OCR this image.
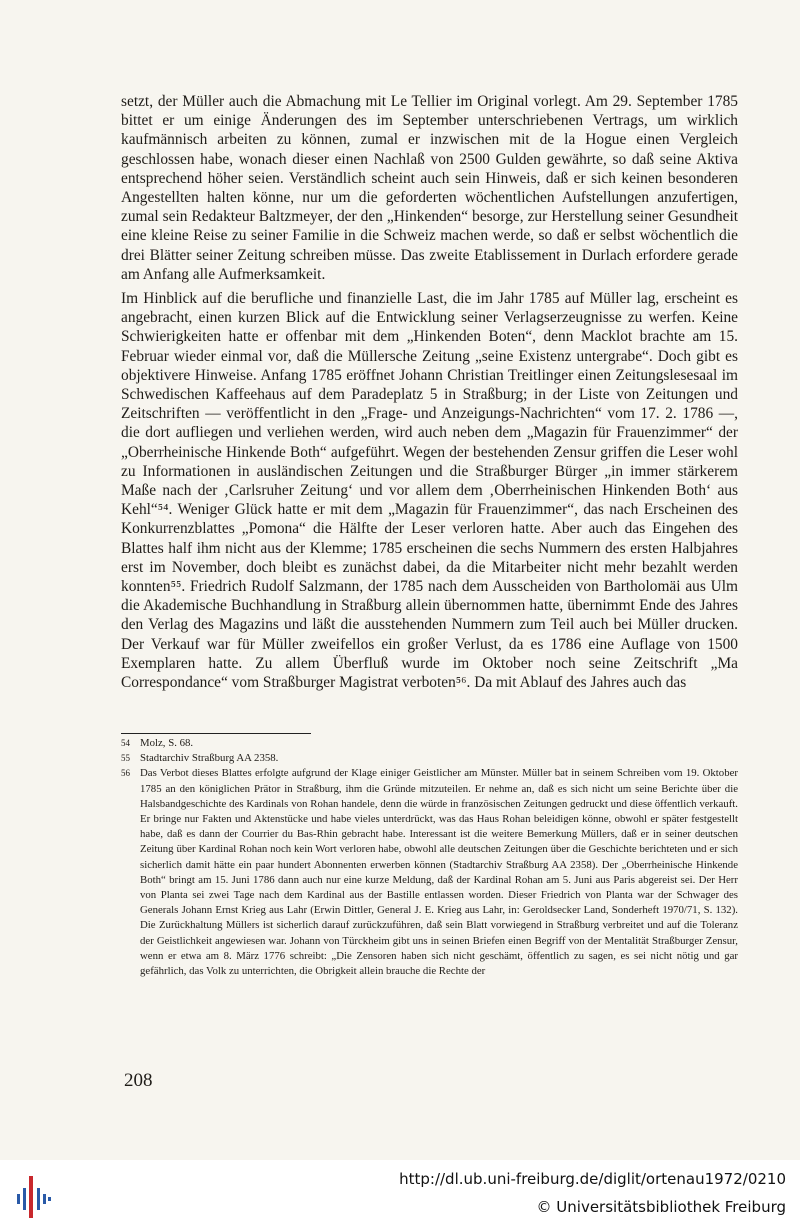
setzt, der Müller auch die Abmachung mit Le Tellier im Original vorlegt. Am 29. September 1785 bittet er um einige Änderungen des im September unterschriebenen Vertrags, um wirklich kaufmännisch arbeiten zu können, zumal er inzwischen mit de la Hogue einen Vergleich geschlossen habe, wonach dieser einen Nachlaß von 2500 Gulden gewährte, so daß seine Aktiva entsprechend höher seien. Verständlich scheint auch sein Hinweis, daß er sich keinen besonderen Angestellten halten könne, nur um die geforderten wöchentlichen Aufstellungen anzufertigen, zumal sein Redakteur Baltzmeyer, der den „Hinkenden“ besorge, zur Herstellung seiner Gesundheit eine kleine Reise zu seiner Familie in die Schweiz machen werde, so daß er selbst wöchentlich die drei Blätter seiner Zeitung schreiben müsse. Das zweite Etablissement in Durlach erfordere gerade am Anfang alle Aufmerksamkeit.

Im Hinblick auf die berufliche und finanzielle Last, die im Jahr 1785 auf Müller lag, erscheint es angebracht, einen kurzen Blick auf die Entwicklung seiner Verlagserzeugnisse zu werfen. Keine Schwierigkeiten hatte er offenbar mit dem „Hinkenden Boten“, denn Macklot brachte am 15. Februar wieder einmal vor, daß die Müllersche Zeitung „seine Existenz untergrabe“. Doch gibt es objektivere Hinweise. Anfang 1785 eröffnet Johann Christian Treitlinger einen Zeitungslesesaal im Schwedischen Kaffeehaus auf dem Paradeplatz 5 in Straßburg; in der Liste von Zeitungen und Zeitschriften — veröffentlicht in den „Frage- und Anzeigungs-Nachrichten“ vom 17. 2. 1786 —, die dort aufliegen und verliehen werden, wird auch neben dem „Magazin für Frauenzimmer“ der „Oberrheinische Hinkende Both“ aufgeführt. Wegen der bestehenden Zensur griffen die Leser wohl zu Informationen in ausländischen Zeitungen und die Straßburger Bürger „in immer stärkerem Maße nach der ‚Carlsruher Zeitung‘ und vor allem dem ‚Oberrheinischen Hinkenden Both‘ aus Kehl“⁵⁴. Weniger Glück hatte er mit dem „Magazin für Frauenzimmer“, das nach Erscheinen des Konkurrenzblattes „Pomona“ die Hälfte der Leser verloren hatte. Aber auch das Eingehen des Blattes half ihm nicht aus der Klemme; 1785 erscheinen die sechs Nummern des ersten Halbjahres erst im November, doch bleibt es zunächst dabei, da die Mitarbeiter nicht mehr bezahlt werden konnten⁵⁵. Friedrich Rudolf Salzmann, der 1785 nach dem Ausscheiden von Bartholomäi aus Ulm die Akademische Buchhandlung in Straßburg allein übernommen hatte, übernimmt Ende des Jahres den Verlag des Magazins und läßt die ausstehenden Nummern zum Teil auch bei Müller drucken. Der Verkauf war für Müller zweifellos ein großer Verlust, da es 1786 eine Auflage von 1500 Exemplaren hatte. Zu allem Überfluß wurde im Oktober noch seine Zeitschrift „Ma Correspondance“ vom Straßburger Magistrat verboten⁵⁶. Da mit Ablauf des Jahres auch das

54 Molz, S. 68.

55 Stadtarchiv Straßburg AA 2358.

56 Das Verbot dieses Blattes erfolgte aufgrund der Klage einiger Geistlicher am Münster. Müller bat in seinem Schreiben vom 19. Oktober 1785 an den königlichen Prätor in Straßburg, ihm die Gründe mitzuteilen. Er nehme an, daß es sich nicht um seine Berichte über die Halsbandgeschichte des Kardinals von Rohan handele, denn die würde in französischen Zeitungen gedruckt und diese öffentlich verkauft. Er bringe nur Fakten und Aktenstücke und habe vieles unterdrückt, was das Haus Rohan beleidigen könne, obwohl er später festgestellt habe, daß es dann der Courrier du Bas-Rhin gebracht habe. Interessant ist die weitere Bemerkung Müllers, daß er in seiner deutschen Zeitung über Kardinal Rohan noch kein Wort verloren habe, obwohl alle deutschen Zeitungen über die Geschichte berichteten und er sich sicherlich damit hätte ein paar hundert Abonnenten erwerben können (Stadtarchiv Straßburg AA 2358). Der „Oberrheinische Hinkende Both“ bringt am 15. Juni 1786 dann auch nur eine kurze Meldung, daß der Kardinal Rohan am 5. Juni aus Paris abgereist sei. Der Herr von Planta sei zwei Tage nach dem Kardinal aus der Bastille entlassen worden. Dieser Friedrich von Planta war der Schwager des Generals Johann Ernst Krieg aus Lahr (Erwin Dittler, General J. E. Krieg aus Lahr, in: Geroldsecker Land, Sonderheft 1970/71, S. 132). Die Zurückhaltung Müllers ist sicherlich darauf zurückzuführen, daß sein Blatt vorwiegend in Straßburg verbreitet und auf die Toleranz der Geistlichkeit angewiesen war. Johann von Türckheim gibt uns in seinen Briefen einen Begriff von der Mentalität Straßburger Zensur, wenn er etwa am 8. März 1776 schreibt: „Die Zensoren haben sich nicht geschämt, öffentlich zu sagen, es sei nicht nötig und gar gefährlich, das Volk zu unterrichten, die Obrigkeit allein brauche die Rechte der

208
http://dl.ub.uni-freiburg.de/diglit/ortenau1972/0210
© Universitätsbibliothek Freiburg
